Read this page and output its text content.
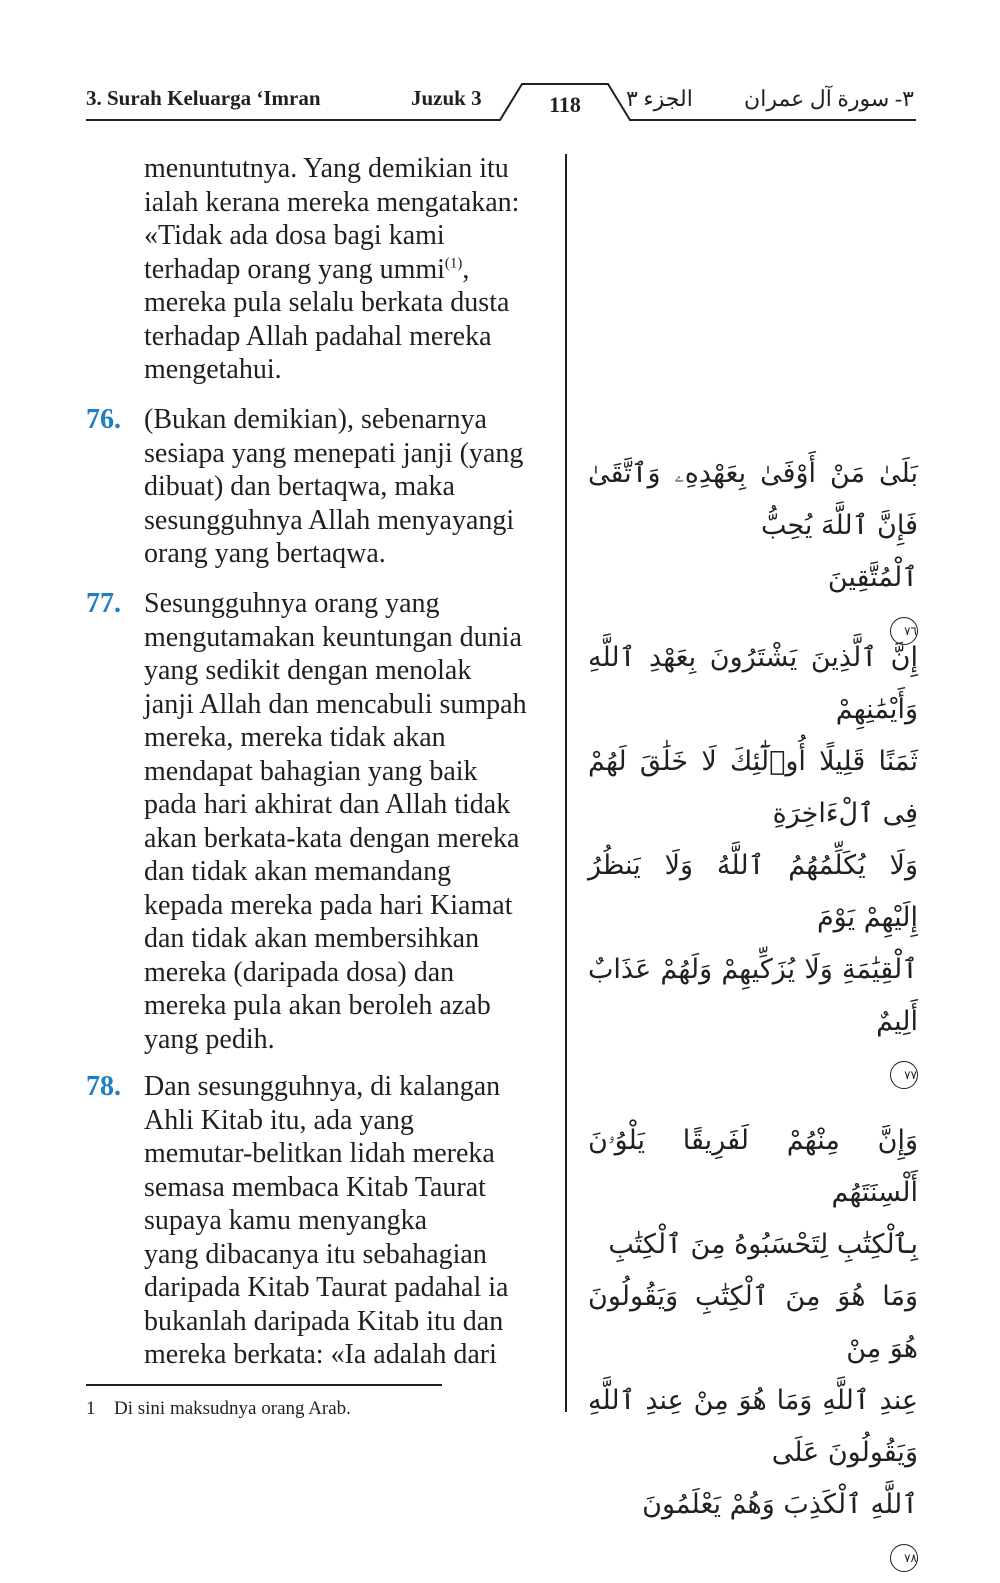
3. Surah Keluarga ‘Imran	Juzuk 3	118	الجزء ٣ ٣- سورة آل عمران
menuntutnya. Yang demikian itu
ialah kerana mereka mengatakan:
«Tidak ada dosa bagi kami
terhadap orang yang ummi$^{(1)}$,
mereka pula selalu berkata dusta
terhadap Allah padahal mereka
mengetahui.
76. (Bukan demikian), sebenarnya
sesiapa yang menepati janji (yang
dibuat) dan bertaqwa, maka
sesungguhnya Allah menyayangi
orang yang bertaqwa.

بَلَىٰ مَنْ أَوْفَىٰ بِعَهْدِهِۦ وَٱتَّقَىٰ فَإِنَّ ٱللَّهَ يُحِبُّ
ٱلْمُتَّقِينَ
٧٦

77. Sesungguhnya orang yang
mengutamakan keuntungan dunia
yang sedikit dengan menolak
janji Allah dan mencabuli sumpah
mereka, mereka tidak akan
mendapat bahagian yang baik
pada hari akhirat dan Allah tidak
akan berkata-kata dengan mereka
dan tidak akan memandang
kepada mereka pada hari Kiamat
dan tidak akan membersihkan
mereka (daripada dosa) dan
mereka pula akan beroleh azab
yang pedih.

إِنَّ ٱلَّذِينَ يَشْتَرُونَ بِعَهْدِ ٱللَّهِ وَأَيْمَٰنِهِمْ
ثَمَنًا قَلِيلًا أُو۟لَٰٓئِكَ لَا خَلَٰقَ لَهُمْ فِى ٱلْءَاخِرَةِ
وَلَا يُكَلِّمُهُمُ ٱللَّهُ وَلَا يَنظُرُ إِلَيْهِمْ يَوْمَ
ٱلْقِيَٰمَةِ وَلَا يُزَكِّيهِمْ وَلَهُمْ عَذَابٌ أَلِيمٌ
٧٧

78. Dan sesungguhnya, di kalangan
Ahli Kitab itu, ada yang
memutar-belitkan lidah mereka
semasa membaca Kitab Taurat
supaya kamu menyangka
yang dibacanya itu sebahagian
daripada Kitab Taurat padahal ia
bukanlah daripada Kitab itu dan
mereka berkata: «Ia adalah dari

وَإِنَّ مِنْهُمْ لَفَرِيقًا يَلْوُۥنَ أَلْسِنَتَهُم
بِٱلْكِتَٰبِ لِتَحْسَبُوهُ مِنَ ٱلْكِتَٰبِ
وَمَا هُوَ مِنَ ٱلْكِتَٰبِ وَيَقُولُونَ هُوَ مِنْ
عِندِ ٱللَّهِ وَمَا هُوَ مِنْ عِندِ ٱللَّهِ وَيَقُولُونَ عَلَى
ٱللَّهِ ٱلْكَذِبَ وَهُمْ يَعْلَمُونَ
٧٨

1 Di sini maksudnya orang Arab.
